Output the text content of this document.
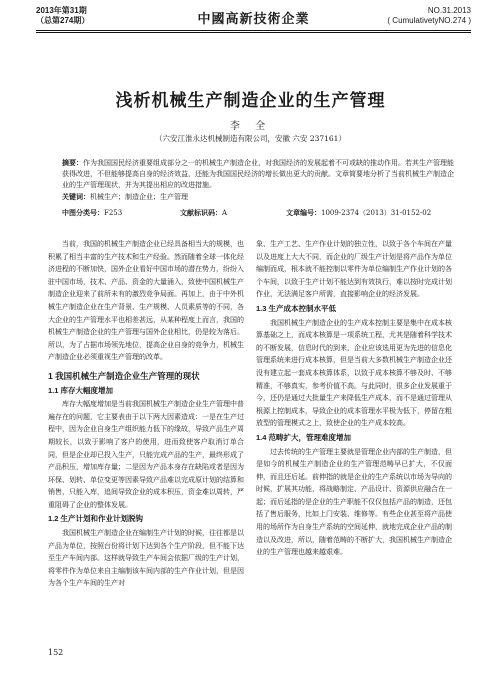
2013年第31期
（总第274期）	中國高新技術企業
NO.31.2013
( CumulativetyNO.274 )
浅析机械生产制造企业的生产管理
李 全
（六安江淮永达机械制造有限公司，安徽 六安 237161）
摘要：作为我国国民经济重要组成部分之一的机械生产制造企业，对我国经济的发展起着不可或缺的推动作用。若其生产管理能获得改进，不但能够提高自身的经济效益，还能为我国国民经济的增长做出更大的贡献。文章简要地分析了当前机械生产制造企业的生产管理现状，并为其提出相应的改进措施。
关键词：机械生产；制造企业；生产管理
中图分类号：F253	文献标识码：A	文章编号：1009-2374（2013）31-0152-02

当前，我国的机械生产制造企业已经具备相当大的规模，也积累了相当丰富的生产技术和生产经验。然而随着全球一体化经济进程的不断加快，国外企业看好中国市场的潜在势力，纷纷入驻中国市场，技术、产品、资金的大量涌入，致使中国机械生产制造企业迎来了前所未有的激烈竞争局面。再加上，由于中外机械生产制造企业在生产背景、生产规模、人员素质等的不同，各大企业的生产管理水平也相差甚远，从某种程度上而言，我国的机械生产制造企业的生产管理与国外企业相比，仍是较为落后。所以，为了占据市场领先地位，提高企业自身的竞争力，机械生产制造企业必须重视生产管理的改革。

1 我国机械生产制造企业生产管理的现状
1.1 库存大幅度增加

库存大幅度增加是当前我国机械生产制造企业生产管理中普遍存在的问题，它主要表由于以下两大因素造成：一是在生产过程中，因为企业自身生产组织能力低下的缘故，导致产品生产周期较长，以致于影响了客户的使用，进而致使客户取消订单合同，但是企业却已投入生产，只能完成产品的生产，最终形成了产品积压，增加库存量；二是因为产品本身存在缺陷或者是因为环保、划转、单位变更等因素导致产品难以完成原计划的结算和销售，只能入库，追间导致企业的成本积压，资金难以周转，严重阻碍了企业的整体发展。

1.2 生产计划和作业计划脱钩

我国机械生产制造企业在编制生产计划的时候，往往都是以产品为单位，按照台份将计划下达到各个生产阶段，但不能下达至生产车间内部。这样就导致生产车间会依据厂级的生产计划，将零件作为单位来自主编制该车间内部的生产作业计划，但是因为各个生产车间的生产对

象、生产工艺、生产作业计划的独立性，以致于各个车间在产量以及进度上大大不同，而企业的厂级生产计划是将产品作为单位编制而成，根本就不能控制以零件为单位编制生产作业计划的各个车间，以致于生产计划不能达到有效执行，难以按时完成计划作业，无法满足客户所需，直接影响企业的经济发展。

1.3 生产成本控制水平低

我国机械生产制造企业的生产成本控制主要是集中在成本核算基础之上，而成本核算是一项系统工程，尤其是随着科学技术的不断发展，信息时代的到来，企业应该选用更为先进的信息化管理系统来进行成本核算，但是当前大多数机械生产制造企业还没有建立起一套成本核算体系，以致于成本核算不够及时、不够精准，不够真实，参考价值不高。与此同时，很多企业发展重于今，还仍是通过大批量生产来降低生产成本，而不是通过管理从根源上控制成本，导致企业的成本管理水平极为低下，停留在粗放型的管理模式之上，致使企业的生产成本较高。

1.4 范畴扩大，管理难度增加

过去传统的生产管理主要就是管理企业内部的生产制造，但是如今的机械生产制造企业的生产管理范畴早已扩大，不仅面伸，而且还后延。前伸指的就是企业的生产系统以市场为导向的时候，扩展其功能，将战略制定、产品设计、资源供应融合在一起；而后延指的是企业的生产职能不仅仅包括产品的制造，还包括了售后服务，比如上门安装、维修等。有些企业甚至将产品使用的场所作为自身生产系统的空间延伸，就地完成企业产品的制造以及改进，所以，随着范畴的不断扩大，我国机械生产制造企业的生产管理也越来越艰难。

152
